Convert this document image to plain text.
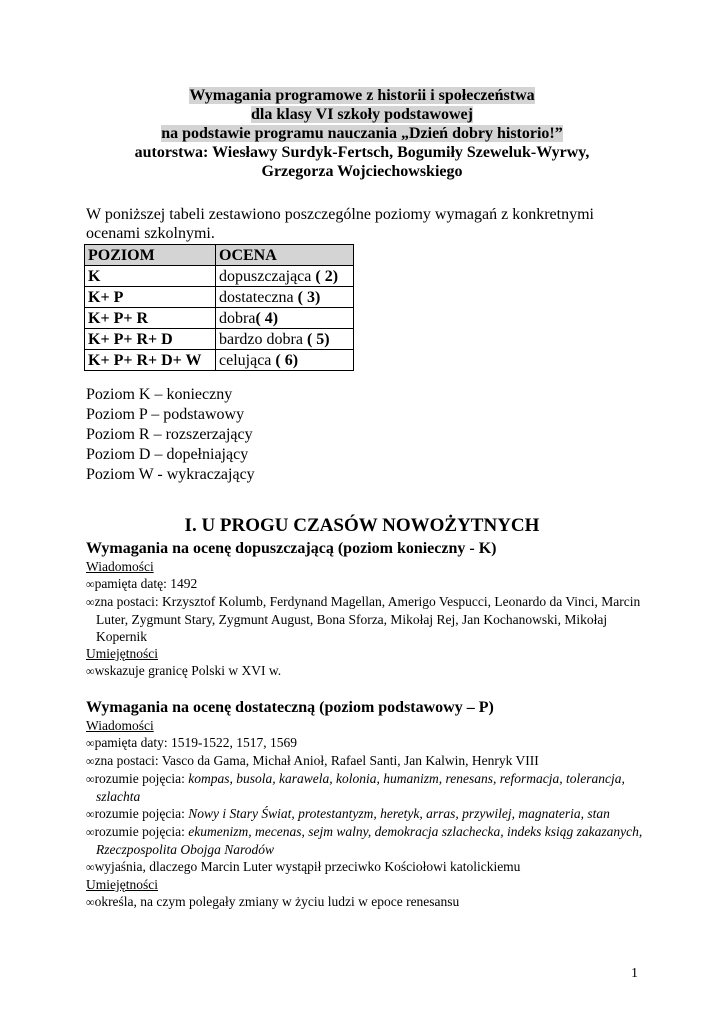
Wymagania programowe z historii i społeczeństwa
dla klasy VI szkoły podstawowej
na podstawie programu nauczania „Dzień dobry historio!”
autorstwa: Wiesławy Surdyk-Fertsch, Bogumiły Szeweluk-Wyrwy,
Grzegorza Wojciechowskiego
W poniższej tabeli zestawiono poszczególne poziomy wymagań z konkretnymi ocenami szkolnymi.
POZIOM	OCENA
K	dopuszczająca ( 2)
K+ P	dostateczna ( 3)
K+ P+ R	dobra( 4)
K+ P+ R+ D	bardzo dobra ( 5)
K+ P+ R+ D+ W	celująca ( 6)
Poziom K – konieczny
Poziom P – podstawowy
Poziom R – rozszerzający
Poziom D – dopełniający
Poziom W - wykraczający
I. U PROGU CZASÓW NOWOŻYTNYCH
Wymagania na ocenę dopuszczającą (poziom konieczny - K)
Wiadomości
∞pamięta datę: 1492
∞zna postaci: Krzysztof Kolumb, Ferdynand Magellan, Amerigo Vespucci, Leonardo da Vinci, Marcin Luter, Zygmunt Stary, Zygmunt August, Bona Sforza, Mikołaj Rej, Jan Kochanowski, Mikołaj Kopernik
Umiejętności
∞wskazuje granicę Polski w XVI w.
Wymagania na ocenę dostateczną (poziom podstawowy – P)
Wiadomości
∞pamięta daty: 1519-1522, 1517, 1569
∞zna postaci: Vasco da Gama, Michał Anioł, Rafael Santi, Jan Kalwin, Henryk VIII
∞rozumie pojęcia: kompas, busola, karawela, kolonia, humanizm, renesans, reformacja, tolerancja, szlachta
∞rozumie pojęcia: Nowy i Stary Świat, protestantyzm, heretyk, arras, przywilej, magnateria, stan
∞rozumie pojęcia: ekumenizm, mecenas, sejm walny, demokracja szlachecka, indeks ksiąg zakazanych, Rzeczpospolita Obojga Narodów
∞wyjaśnia, dlaczego Marcin Luter wystąpił przeciwko Kościołowi katolickiemu
Umiejętności
∞określa, na czym polegały zmiany w życiu ludzi w epoce renesansu
1
